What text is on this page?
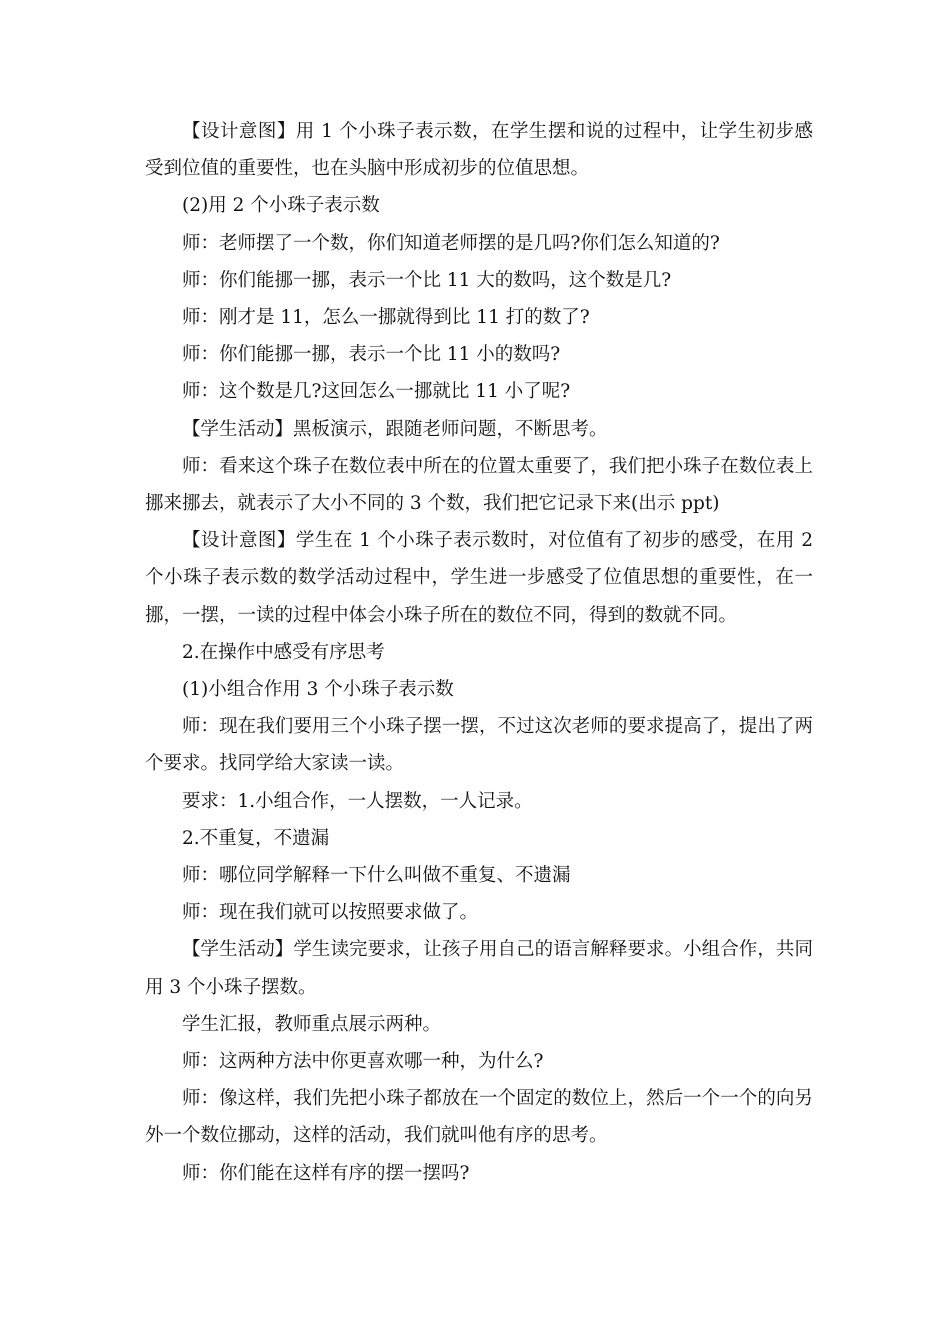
【设计意图】用 1 个小珠子表示数，在学生摆和说的过程中，让学生初步感受到位值的重要性，也在头脑中形成初步的位值思想。

(2)用 2 个小珠子表示数

师：老师摆了一个数，你们知道老师摆的是几吗?你们怎么知道的?

师：你们能挪一挪，表示一个比 11 大的数吗，这个数是几?

师：刚才是 11，怎么一挪就得到比 11 打的数了?

师：你们能挪一挪，表示一个比 11 小的数吗?

师：这个数是几?这回怎么一挪就比 11 小了呢?

【学生活动】黑板演示，跟随老师问题，不断思考。

师：看来这个珠子在数位表中所在的位置太重要了，我们把小珠子在数位表上挪来挪去，就表示了大小不同的 3 个数，我们把它记录下来(出示 ppt)

【设计意图】学生在 1 个小珠子表示数时，对位值有了初步的感受，在用 2 个小珠子表示数的数学活动过程中，学生进一步感受了位值思想的重要性，在一挪，一摆，一读的过程中体会小珠子所在的数位不同，得到的数就不同。

2.在操作中感受有序思考

(1)小组合作用 3 个小珠子表示数

师：现在我们要用三个小珠子摆一摆，不过这次老师的要求提高了，提出了两个要求。找同学给大家读一读。

要求：1.小组合作，一人摆数，一人记录。

2.不重复，不遗漏

师：哪位同学解释一下什么叫做不重复、不遗漏

师：现在我们就可以按照要求做了。

【学生活动】学生读完要求，让孩子用自己的语言解释要求。小组合作，共同用 3 个小珠子摆数。

学生汇报，教师重点展示两种。

师：这两种方法中你更喜欢哪一种，为什么?

师：像这样，我们先把小珠子都放在一个固定的数位上，然后一个一个的向另外一个数位挪动，这样的活动，我们就叫他有序的思考。

师：你们能在这样有序的摆一摆吗?
